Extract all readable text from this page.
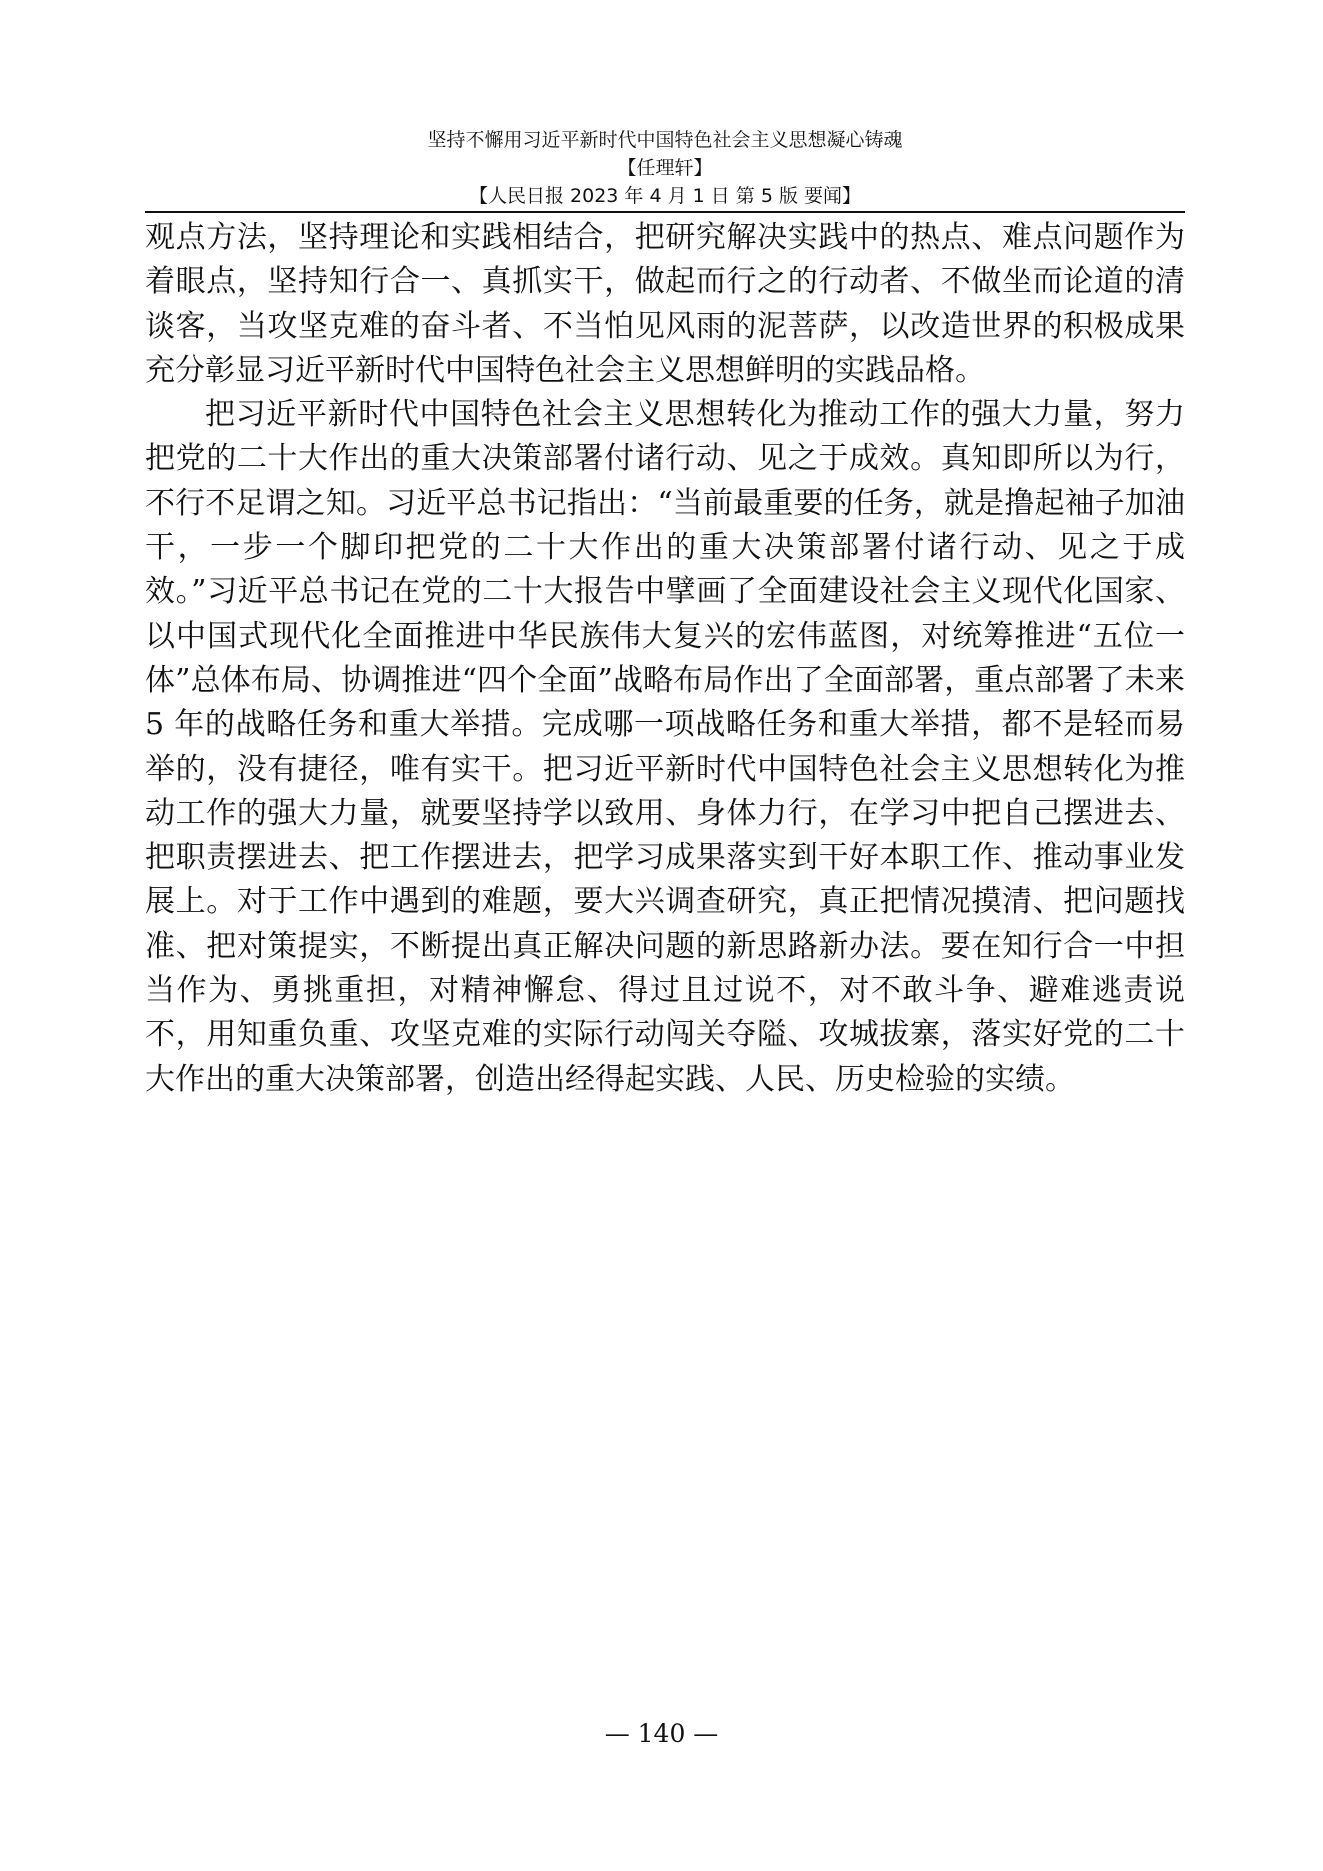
坚持不懈用习近平新时代中国特色社会主义思想凝心铸魂
【任理轩】
【人民日报 2023 年 4 月 1 日 第 5 版 要闻】

观点方法，坚持理论和实践相结合，把研究解决实践中的热点、难点问题作为着眼点，坚持知行合一、真抓实干，做起而行之的行动者、不做坐而论道的清谈客，当攻坚克难的奋斗者、不当怕见风雨的泥菩萨，以改造世界的积极成果充分彰显习近平新时代中国特色社会主义思想鲜明的实践品格。

把习近平新时代中国特色社会主义思想转化为推动工作的强大力量，努力把党的二十大作出的重大决策部署付诸行动、见之于成效。真知即所以为行，不行不足谓之知。习近平总书记指出：“当前最重要的任务，就是撸起袖子加油干，一步一个脚印把党的二十大作出的重大决策部署付诸行动、见之于成效。”习近平总书记在党的二十大报告中擘画了全面建设社会主义现代化国家、以中国式现代化全面推进中华民族伟大复兴的宏伟蓝图，对统筹推进“五位一体”总体布局、协调推进“四个全面”战略布局作出了全面部署，重点部署了未来 5 年的战略任务和重大举措。完成哪一项战略任务和重大举措，都不是轻而易举的，没有捷径，唯有实干。把习近平新时代中国特色社会主义思想转化为推动工作的强大力量，就要坚持学以致用、身体力行，在学习中把自己摆进去、把职责摆进去、把工作摆进去，把学习成果落实到干好本职工作、推动事业发展上。对于工作中遇到的难题，要大兴调查研究，真正把情况摸清、把问题找准、把对策提实，不断提出真正解决问题的新思路新办法。要在知行合一中担当作为、勇挑重担，对精神懈怠、得过且过说不，对不敢斗争、避难逃责说不，用知重负重、攻坚克难的实际行动闯关夺隘、攻城拔寨，落实好党的二十大作出的重大决策部署，创造出经得起实践、人民、历史检验的实绩。

— 140 —
